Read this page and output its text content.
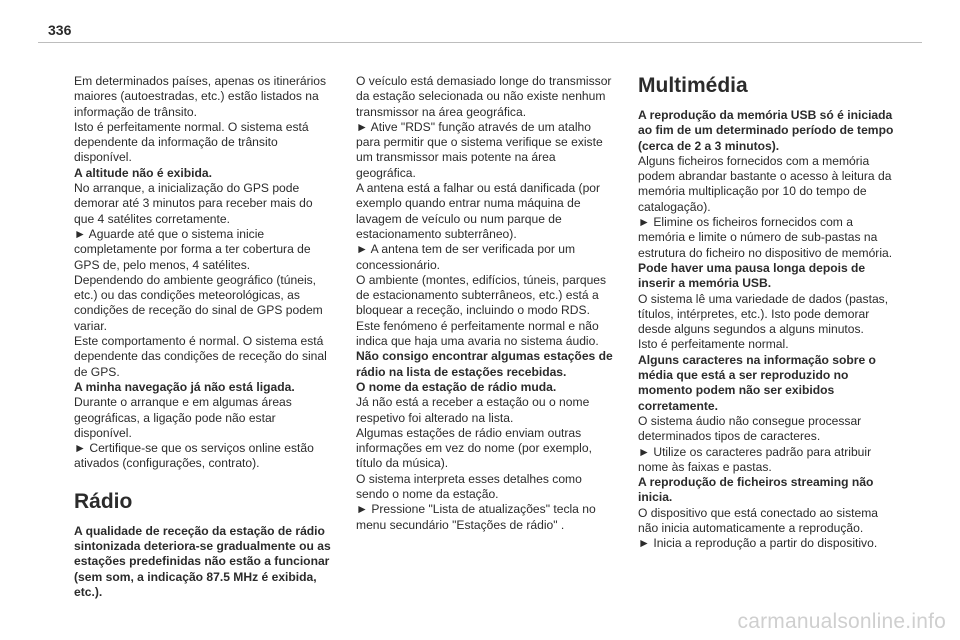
336

Em determinados países, apenas os itinerários maiores (autoestradas, etc.) estão listados na informação de trânsito.

Isto é perfeitamente normal. O sistema está dependente da informação de trânsito disponível.

A altitude não é exibida.

No arranque, a inicialização do GPS pode demorar até 3 minutos para receber mais do que 4 satélites corretamente.

► Aguarde até que o sistema inicie completamente por forma a ter cobertura de GPS de, pelo menos, 4 satélites.

Dependendo do ambiente geográfico (túneis, etc.) ou das condições meteorológicas, as condições de receção do sinal de GPS podem variar.

Este comportamento é normal. O sistema está dependente das condições de receção do sinal de GPS.

A minha navegação já não está ligada.

Durante o arranque e em algumas áreas geográficas, a ligação pode não estar disponível.

► Certifique-se que os serviços online estão ativados (configurações, contrato).

Rádio

A qualidade de receção da estação de rádio sintonizada deteriora-se gradualmente ou as estações predefinidas não estão a funcionar (sem som, a indicação 87.5 MHz é exibida, etc.).

O veículo está demasiado longe do transmissor da estação selecionada ou não existe nenhum transmissor na área geográfica.

► Ative "RDS" função através de um atalho para permitir que o sistema verifique se existe um transmissor mais potente na área geográfica.

A antena está a falhar ou está danificada (por exemplo quando entrar numa máquina de lavagem de veículo ou num parque de estacionamento subterrâneo).

► A antena tem de ser verificada por um concessionário.

O ambiente (montes, edifícios, túneis, parques de estacionamento subterrâneos, etc.) está a bloquear a receção, incluindo o modo RDS.

Este fenómeno é perfeitamente normal e não indica que haja uma avaria no sistema áudio.

Não consigo encontrar algumas estações de rádio na lista de estações recebidas.

O nome da estação de rádio muda.

Já não está a receber a estação ou o nome respetivo foi alterado na lista.

Algumas estações de rádio enviam outras informações em vez do nome (por exemplo, título da música).

O sistema interpreta esses detalhes como sendo o nome da estação.

► Pressione "Lista de atualizações" tecla no menu secundário "Estações de rádio" .

Multimédia

A reprodução da memória USB só é iniciada ao fim de um determinado período de tempo (cerca de 2 a 3 minutos).

Alguns ficheiros fornecidos com a memória podem abrandar bastante o acesso à leitura da memória multiplicação por 10 do tempo de catalogação).

► Elimine os ficheiros fornecidos com a memória e limite o número de sub-pastas na estrutura do ficheiro no dispositivo de memória.

Pode haver uma pausa longa depois de inserir a memória USB.

O sistema lê uma variedade de dados (pastas, títulos, intérpretes, etc.). Isto pode demorar desde alguns segundos a alguns minutos.

Isto é perfeitamente normal.

Alguns caracteres na informação sobre o média que está a ser reproduzido no momento podem não ser exibidos corretamente.

O sistema áudio não consegue processar determinados tipos de caracteres.

► Utilize os caracteres padrão para atribuir nome às faixas e pastas.

A reprodução de ficheiros streaming não inicia.

O dispositivo que está conectado ao sistema não inicia automaticamente a reprodução.

► Inicia a reprodução a partir do dispositivo.

carmanualsonline.info
